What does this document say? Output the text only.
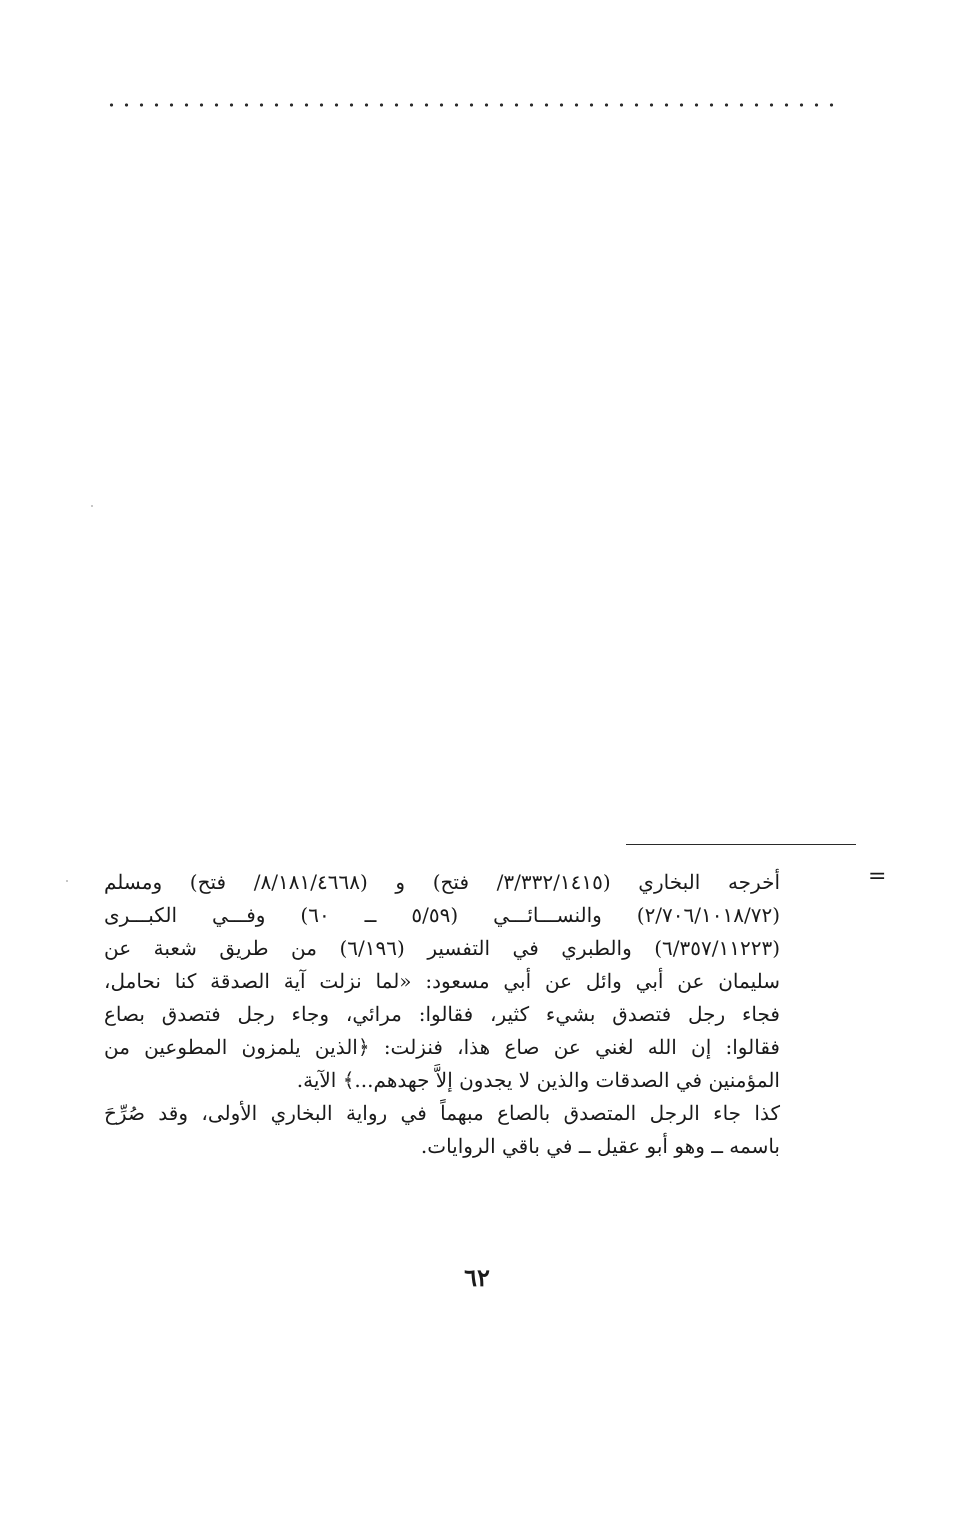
=
أخرجه البخاري (٣/٣٣٢/١٤١٥/ فتح) و (٨/١٨١/٤٦٦٨/ فتح) ومسلم
(٢/٧٠٦/١٠١٨/٧٢) والنســـائـــي (٥/٥٩ ــ ٦٠) وفـــي الكبـــرى
(٦/٣٥٧/١١٢٢٣) والطبري في التفسير (٦/١٩٦) من طريق شعبة عن
سليمان عن أبي وائل عن أبي مسعود: «لما نزلت آية الصدقة كنا نحامل،
فجاء رجل فتصدق بشيء كثير، فقالوا: مرائي، وجاء رجل فتصدق بصاع
فقالوا: إن الله لغني عن صاع هذا، فنزلت: ﴿الذين يلمزون المطوعين من
المؤمنين في الصدقات والذين لا يجدون إلاَّ جهدهم...﴾ الآية.
كذا جاء الرجل المتصدق بالصاع مبهماً في رواية البخاري الأولى، وقد صُرِّحَ
باسمه ــ وهو أبو عقيل ــ في باقي الروايات.
٦٢
